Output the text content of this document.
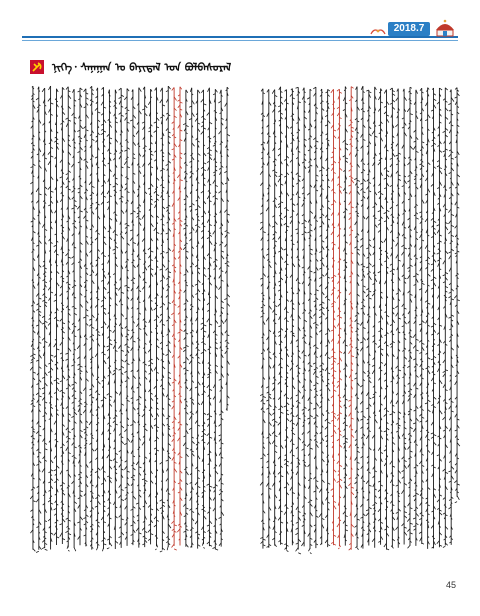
2018.7
ᠨᠢᠭᠡ᠂ ᠰᠠᠨᠠᠭᠠᠨ ᠤ ᠪᠠᠶᠢᠳᠠᠯ ᠤᠨ ᠪᠣᠯᠪᠠᠰᠤᠷᠠᠯ
45
